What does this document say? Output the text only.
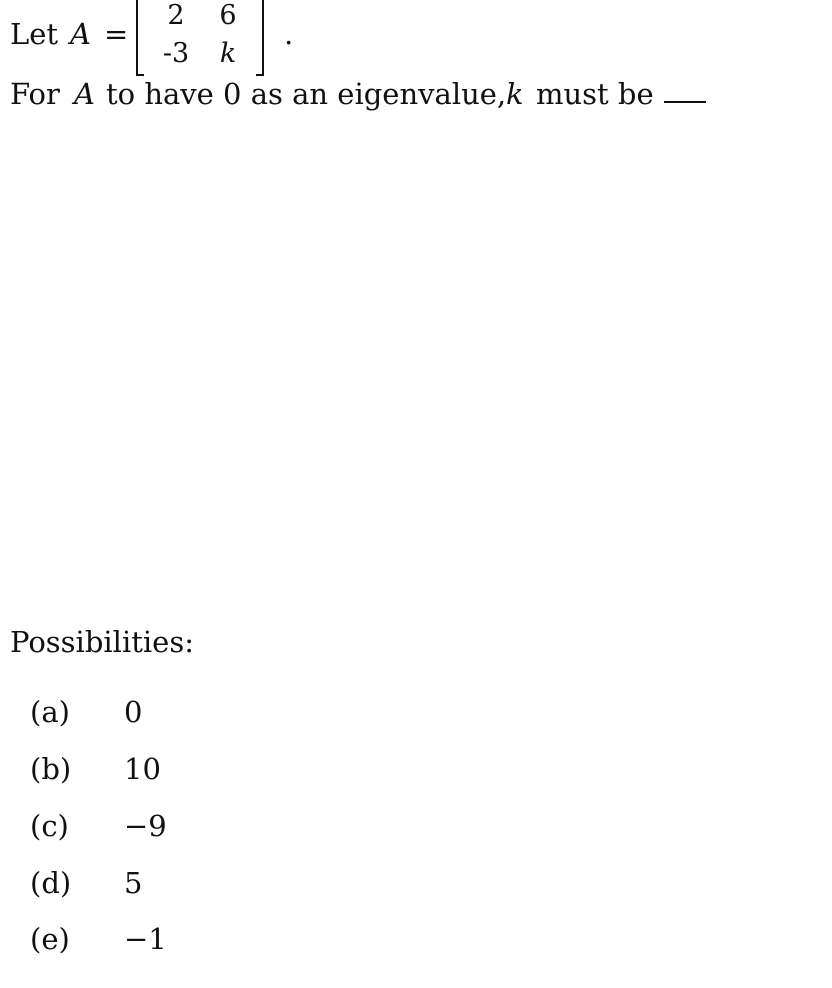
Let A =
2	6
-3	k
.
For A to have 0 as an eigenvalue, k must be
Possibilities:
(a) 0
(b) 10
(c) −9
(d) 5
(e) −1
